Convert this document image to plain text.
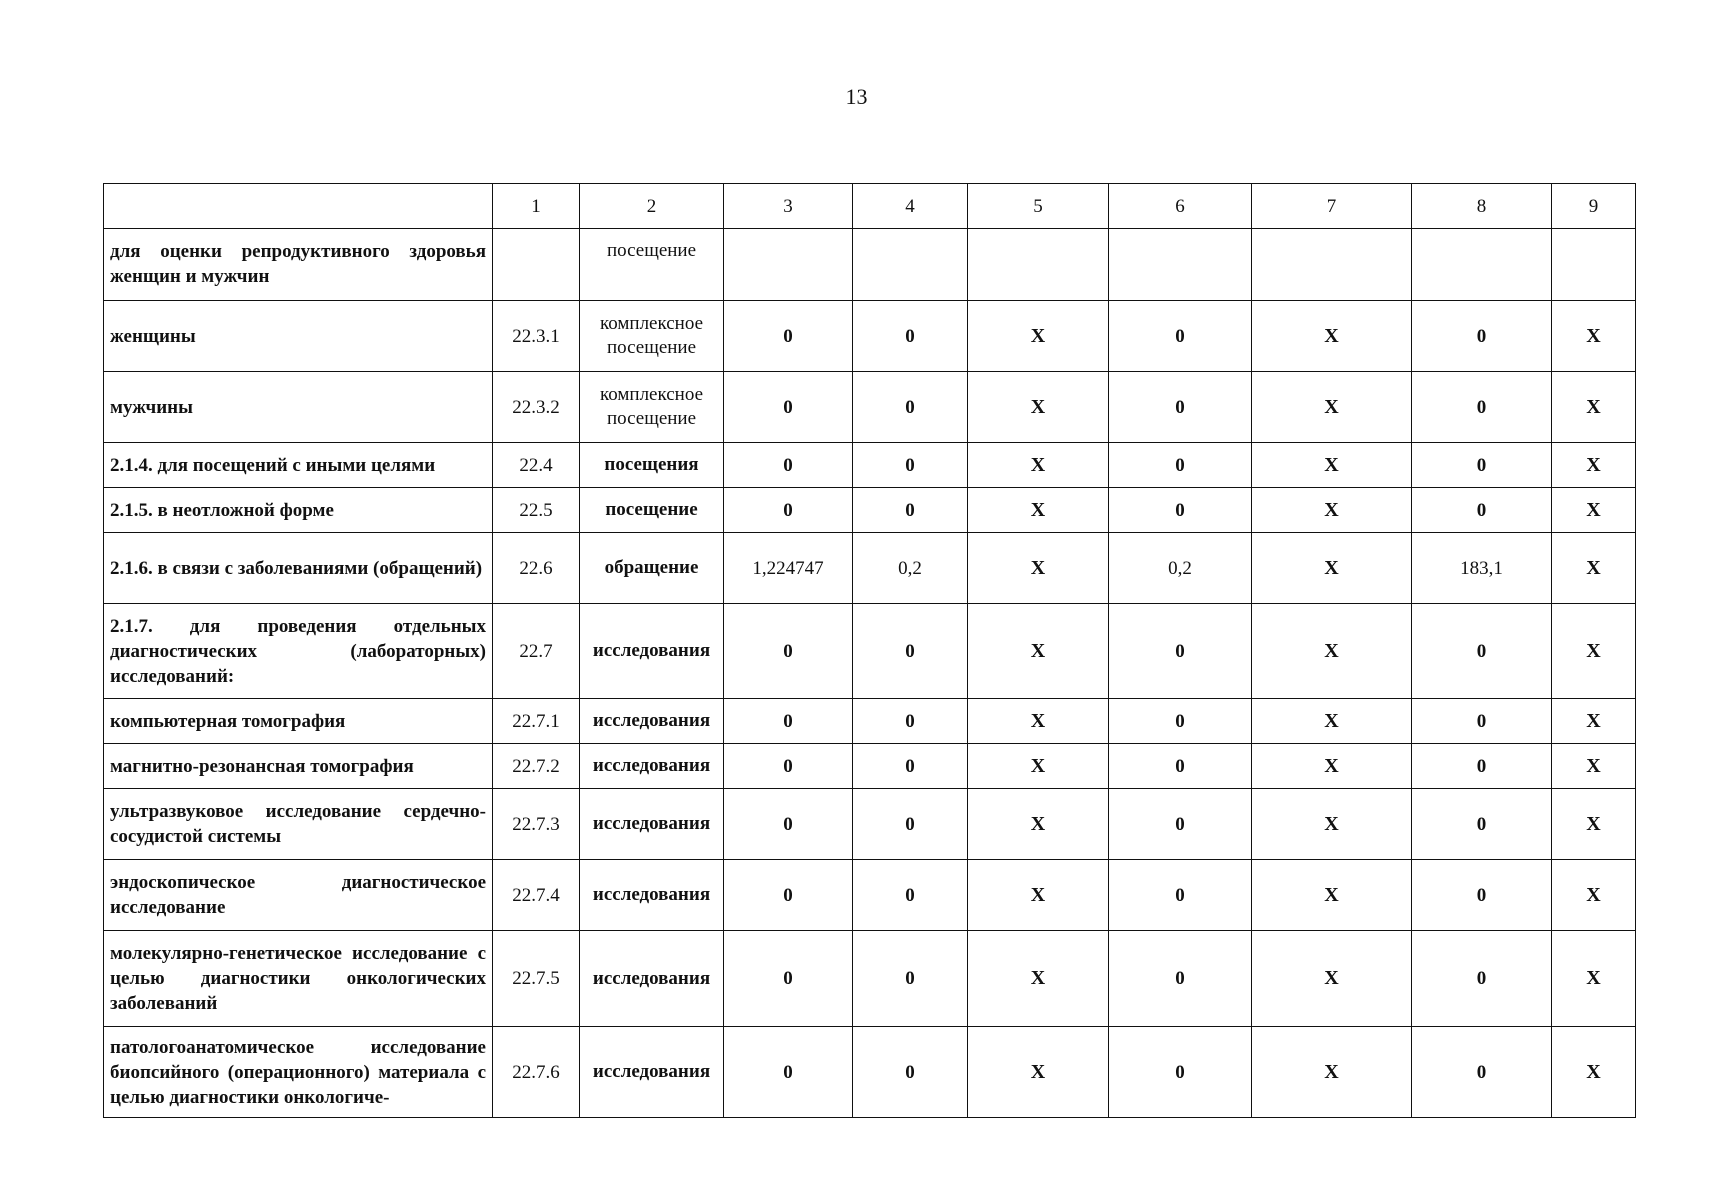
13
	1	2	3	4	5	6	7	8	9
для оценки репродуктивного здоровья женщин и мужчин		посещение							
женщины	22.3.1	комплексное посещение	0	0	X	0	X	0	X
мужчины	22.3.2	комплексное посещение	0	0	X	0	X	0	X
2.1.4. для посещений с иными целями	22.4	посещения	0	0	X	0	X	0	X
2.1.5. в неотложной форме	22.5	посещение	0	0	X	0	X	0	X
2.1.6. в связи с заболеваниями (обращений)	22.6	обращение	1,224747	0,2	X	0,2	X	183,1	X
2.1.7. для проведения отдельных диагностических (лабораторных) исследований:	22.7	исследования	0	0	X	0	X	0	X
компьютерная томография	22.7.1	исследования	0	0	X	0	X	0	X
магнитно-резонансная томография	22.7.2	исследования	0	0	X	0	X	0	X
ультразвуковое исследование сердечно-сосудистой системы	22.7.3	исследования	0	0	X	0	X	0	X
эндоскопическое диагностическое исследование	22.7.4	исследования	0	0	X	0	X	0	X
молекулярно-генетическое исследование с целью диагностики онкологических заболеваний	22.7.5	исследования	0	0	X	0	X	0	X
патологоанатомическое исследование биопсийного (операционного) материала с целью диагностики онкологиче-	22.7.6	исследования	0	0	X	0	X	0	X
